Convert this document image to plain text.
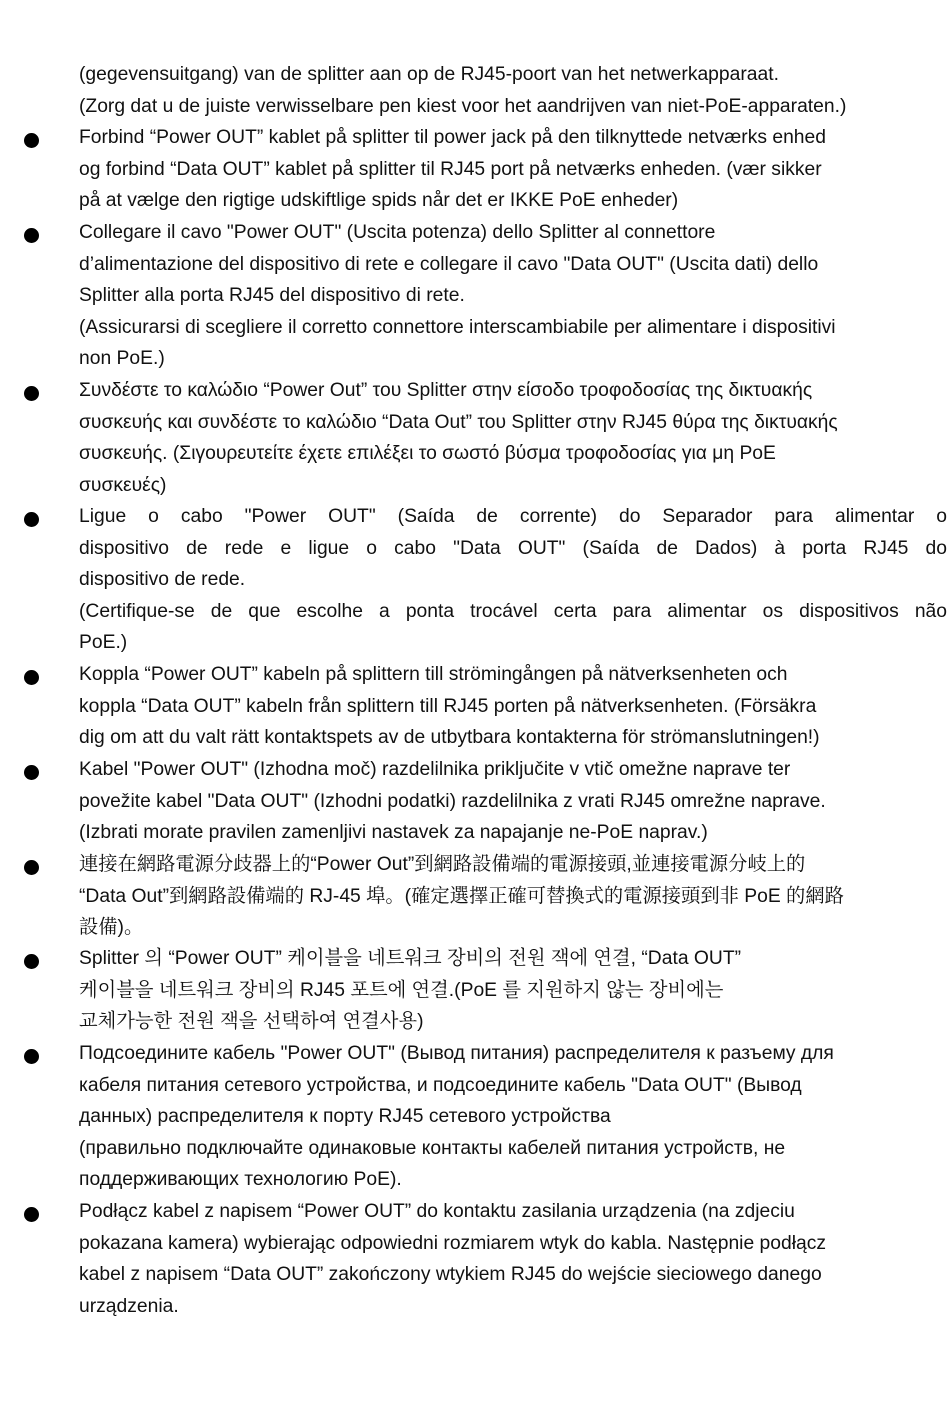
(gegevensuitgang) van de splitter aan op de RJ45-poort van het netwerkapparaat.
(Zorg dat u de juiste verwisselbare pen kiest voor het aandrijven van niet-PoE-apparaten.)
Forbind “Power OUT” kablet på splitter til power jack på den tilknyttede netværks enhed
og forbind “Data OUT” kablet på splitter til RJ45 port på netværks enheden. (vær sikker
på at vælge den rigtige udskiftlige spids når det er IKKE PoE enheder)
Collegare il cavo "Power OUT" (Uscita potenza) dello Splitter al connettore
d’alimentazione del dispositivo di rete e collegare il cavo "Data OUT" (Uscita dati) dello
Splitter alla porta RJ45 del dispositivo di rete.
(Assicurarsi di scegliere il corretto connettore interscambiabile per alimentare i dispositivi
non PoE.)
Συνδέστε το καλώδιο “Power Out” του Splitter στην είσοδο τροφοδοσίας της δικτυακής
συσκευής και συνδέστε το καλώδιο “Data Out” του Splitter στην RJ45 θύρα της δικτυακής
συσκευής. (Σιγουρευτείτε έχετε επιλέξει το σωστό βύσμα τροφοδοσίας για μη PoE
συσκευές)
Ligue o cabo "Power OUT" (Saída de corrente) do Separador para alimentar o
dispositivo de rede e ligue o cabo "Data OUT" (Saída de Dados) à porta RJ45 do
dispositivo de rede.
(Certifique-se de que escolhe a ponta trocável certa para alimentar os dispositivos não
PoE.)
Koppla “Power OUT” kabeln på splittern till strömingången på nätverksenheten och
koppla “Data OUT” kabeln från splittern till RJ45 porten på nätverksenheten. (Försäkra
dig om att du valt rätt kontaktspets av de utbytbara kontakterna för strömanslutningen!)
Kabel "Power OUT" (Izhodna moč) razdelilnika priključite v vtič omežne naprave ter
povežite kabel "Data OUT" (Izhodni podatki) razdelilnika z vrati RJ45 omrežne naprave.
(Izbrati morate pravilen zamenljivi nastavek za napajanje ne-PoE naprav.)
連接在網路電源分歧器上的“Power Out”到網路設備端的電源接頭,並連接電源分岐上的
“Data Out”到網路設備端的 RJ-45 埠。(確定選擇正確可替換式的電源接頭到非 PoE 的網路
設備)。
Splitter 의 “Power OUT” 케이블을 네트워크 장비의 전원 잭에 연결, “Data OUT”
케이블을 네트워크 장비의 RJ45 포트에 연결.(PoE 를 지원하지 않는 장비에는
교체가능한 전원 잭을 선택하여 연결사용)
Подсоедините кабель "Power OUT" (Вывод питания) распределителя к разъему для
кабеля питания сетевого устройства, и подсоедините кабель "Data OUT" (Вывод
данных) распределителя к порту RJ45 сетевого устройства
(правильно подключайте одинаковые контакты кабелей питания устройств, не
поддерживающих технологию PoE).
Podłącz kabel z napisem “Power OUT” do kontaktu zasilania urządzenia (na zdjeciu
pokazana kamera) wybierając odpowiedni rozmiarem wtyk do kabla. Następnie podłącz
kabel z napisem “Data OUT” zakończony wtykiem RJ45 do wejście sieciowego danego
urządzenia.
